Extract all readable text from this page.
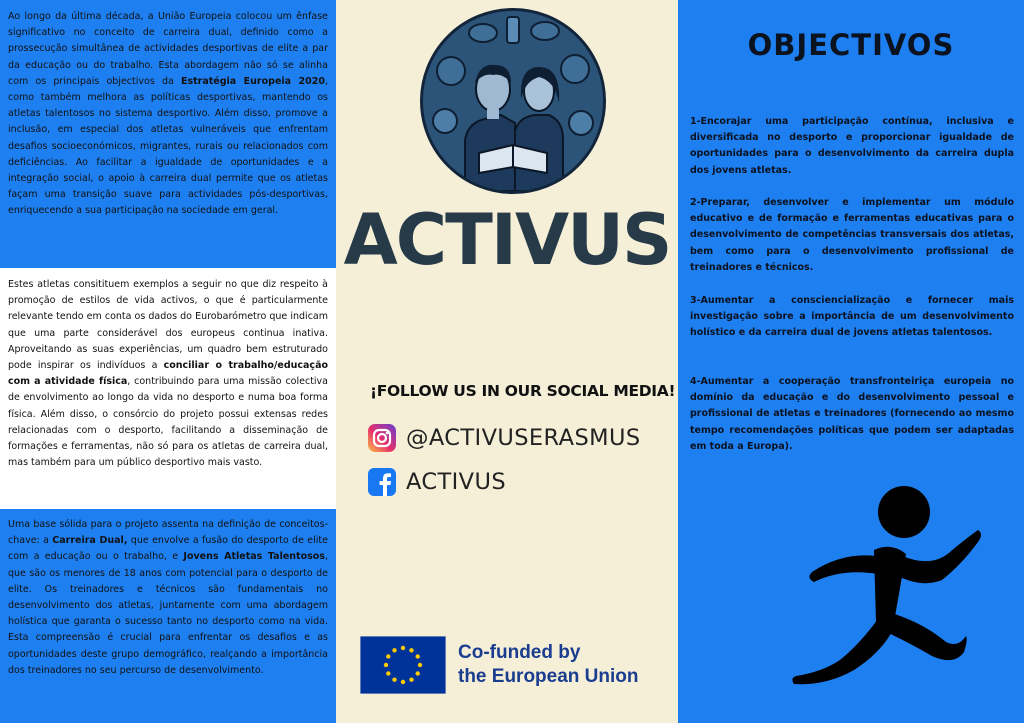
Ao longo da última década, a União Europeia colocou um ênfase significativo no conceito de carreira dual, definido como a prossecução simultânea de actividades desportivas de elite a par da educação ou do trabalho. Esta abordagem não só se alinha com os principais objectivos da Estratégia Europeia 2020, como também melhora as políticas desportivas, mantendo os atletas talentosos no sistema desportivo. Além disso, promove a inclusão, em especial dos atletas vulneráveis que enfrentam desafios socioeconómicos, migrantes, rurais ou relacionados com deficiências. Ao facilitar a igualdade de oportunidades e a integração social, o apoio à carreira dual permite que os atletas façam uma transição suave para actividades pós-desportivas, enriquecendo a sua participação na sociedade em geral.
Estes atletas consitituem exemplos a seguir no que diz respeito à promoção de estilos de vida activos, o que é particularmente relevante tendo em conta os dados do Eurobarómetro que indicam que uma parte considerável dos europeus continua inativa. Aproveitando as suas experiências, um quadro bem estruturado pode inspirar os indivíduos a conciliar o trabalho/educação com a atividade física, contribuindo para uma missão colectiva de envolvimento ao longo da vida no desporto e numa boa forma física. Além disso, o consórcio do projeto possui extensas redes relacionadas com o desporto, facilitando a disseminação de formações e ferramentas, não só para os atletas de carreira dual, mas também para um público desportivo mais vasto.
Uma base sólida para o projeto assenta na definição de conceitos-chave: a Carreira Dual, que envolve a fusão do desporto de elite com a educação ou o trabalho, e Jovens Atletas Talentosos, que são os menores de 18 anos com potencial para o desporto de elite. Os treinadores e técnicos são fundamentais no desenvolvimento dos atletas, juntamente com uma abordagem holística que garanta o sucesso tanto no desporto como na vida. Esta compreensão é crucial para enfrentar os desafios e as oportunidades deste grupo demográfico, realçando a importância dos treinadores no seu percurso de desenvolvimento.
ACTIVUS
¡FOLLOW US IN OUR SOCIAL MEDIA!
@ACTIVUSERASMUS
ACTIVUS
Co-funded by
the European Union
OBJECTIVOS
1-Encorajar uma participação contínua, inclusiva e diversificada no desporto e proporcionar igualdade de oportunidades para o desenvolvimento da carreira dupla dos jovens atletas.
2-Preparar, desenvolver e implementar um módulo educativo e de formação e ferramentas educativas para o desenvolvimento de competências transversais dos atletas, bem como para o desenvolvimento profissional de treinadores e técnicos.
3-Aumentar a consciencialização e fornecer mais investigação sobre a importância de um desenvolvimento holístico e da carreira dual de jovens atletas talentosos.
4-Aumentar a cooperação transfronteiriça europeia no domínio da educação e do desenvolvimento pessoal e profissional de atletas e treinadores (fornecendo ao mesmo tempo recomendações políticas que podem ser adaptadas em toda a Europa).
